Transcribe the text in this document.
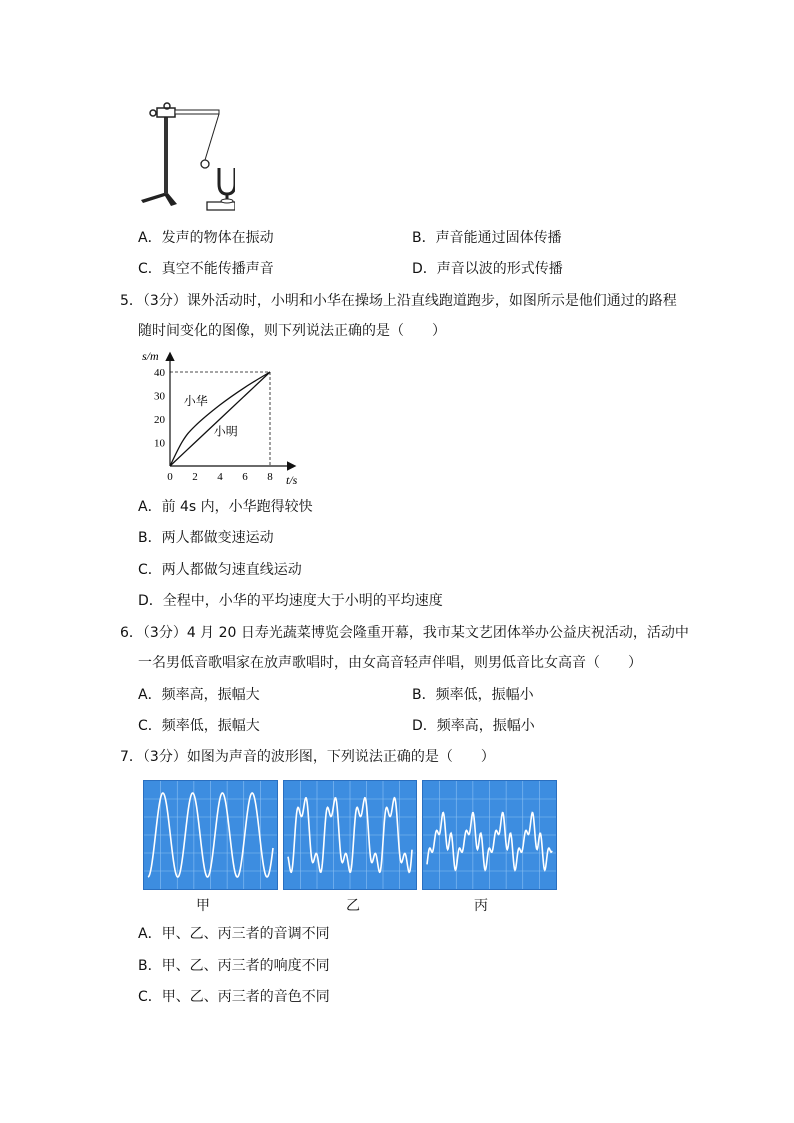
A．发声的物体在振动	B．声音能通过固体传播
C．真空不能传播声音	D．声音以波的形式传播
5．（3分）课外活动时，小明和小华在操场上沿直线跑道跑步，如图所示是他们通过的路程
随时间变化的图像，则下列说法正确的是（　　）
0 2 4 6 8
10
20
30
40
s/m
t/s
小华
小明
A．前 4s 内，小华跑得较快
B．两人都做变速运动
C．两人都做匀速直线运动
D．全程中，小华的平均速度大于小明的平均速度
6．（3分）4 月 20 日寿光蔬菜博览会隆重开幕，我市某文艺团体举办公益庆祝活动，活动中
一名男低音歌唱家在放声歌唱时，由女高音轻声伴唱，则男低音比女高音（　　）
A．频率高，振幅大	B．频率低，振幅小
C．频率低，振幅大	D．频率高，振幅小
7．（3分）如图为声音的波形图，下列说法正确的是（　　）
甲	乙	丙
A．甲、乙、丙三者的音调不同
B．甲、乙、丙三者的响度不同
C．甲、乙、丙三者的音色不同
